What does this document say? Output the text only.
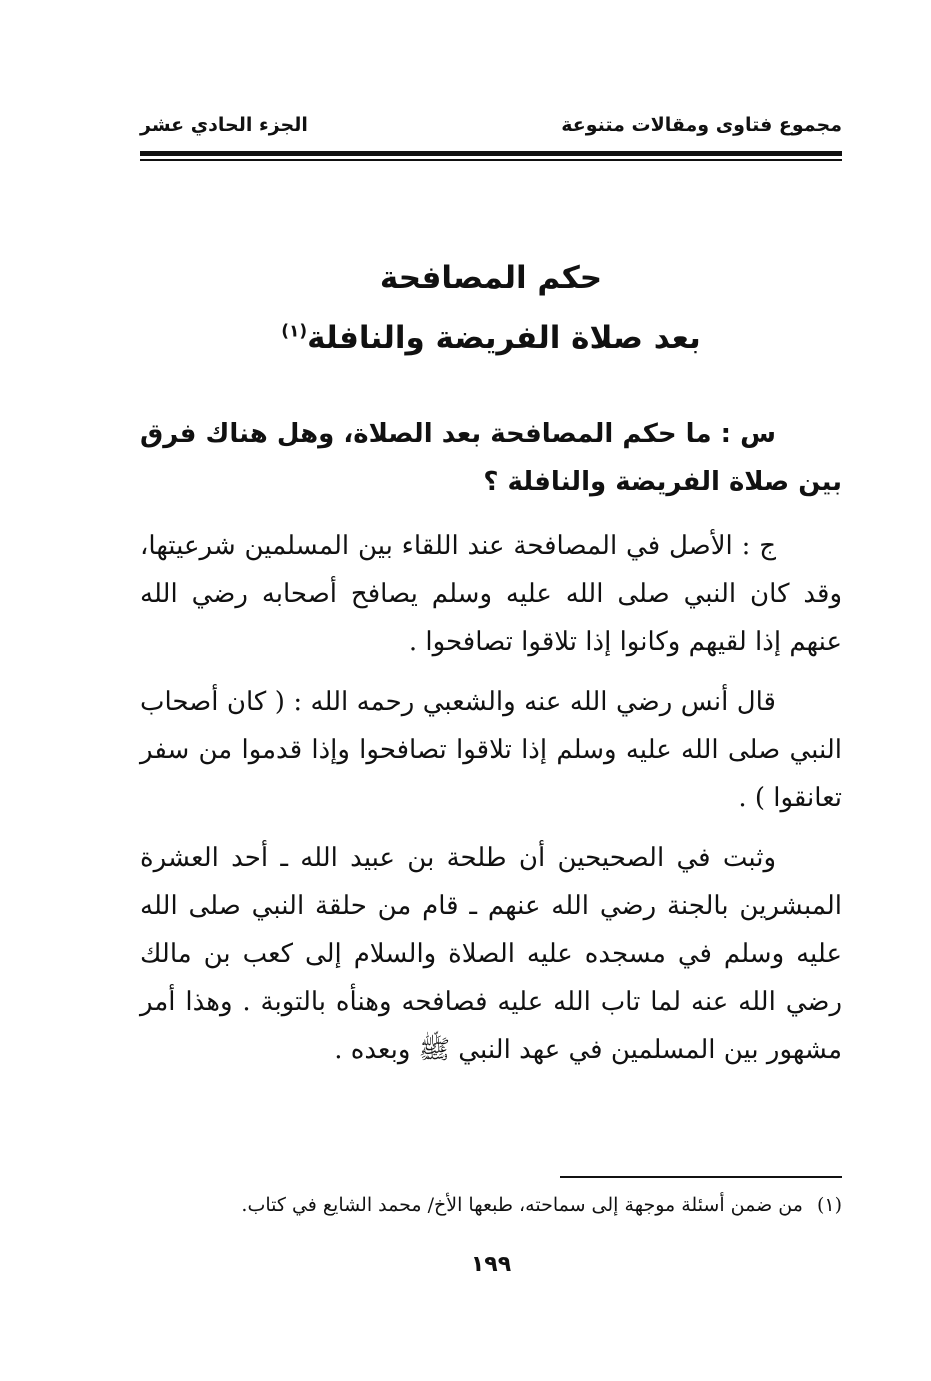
مجموع فتاوى ومقالات متنوعة
الجزء الحادي عشر
حكم المصافحة
بعد صلاة الفريضة والنافلة$^{(١)}$

س : ما حكم المصافحة بعد الصلاة، وهل هناك فرق بين صلاة الفريضة والنافلة ؟

ج : الأصل في المصافحة عند اللقاء بين المسلمين شرعيتها، وقد كان النبي صلى الله عليه وسلم يصافح أصحابه رضي الله عنهم إذا لقيهم وكانوا إذا تلاقوا تصافحوا .

قال أنس رضي الله عنه والشعبي رحمه الله : ( كان أصحاب النبي صلى الله عليه وسلم إذا تلاقوا تصافحوا وإذا قدموا من سفر تعانقوا ) .

وثبت في الصحيحين أن طلحة بن عبيد الله ـ أحد العشرة المبشرين بالجنة رضي الله عنهم ـ قام من حلقة النبي صلى الله عليه وسلم في مسجده عليه الصلاة والسلام إلى كعب بن مالك رضي الله عنه لما تاب الله عليه فصافحه وهنأه بالتوبة . وهذا أمر مشهور بين المسلمين في عهد النبي ﷺ وبعده .

(١)من ضمن أسئلة موجهة إلى سماحته، طبعها الأخ/ محمد الشايع في كتاب.
١٩٩
